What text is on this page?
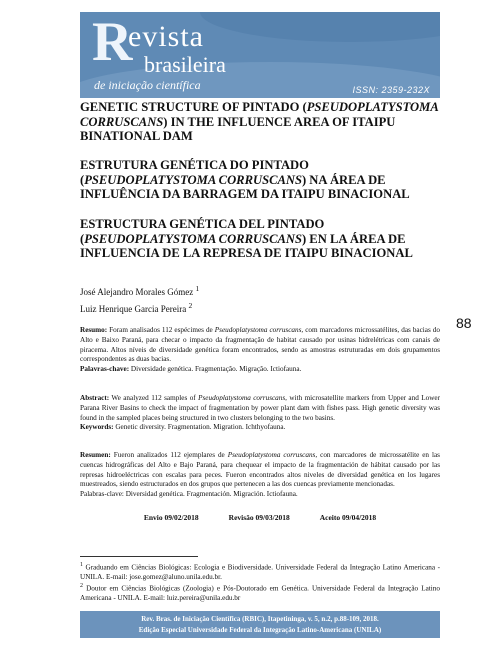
R
evista
brasileira
de iniciação científica	ISSN: 2359-232X
GENETIC STRUCTURE OF PINTADO (PSEUDOPLATYSTOMA CORRUSCANS) IN THE INFLUENCE AREA OF ITAIPU BINATIONAL DAM
ESTRUTURA GENÉTICA DO PINTADO (PSEUDOPLATYSTOMA CORRUSCANS) NA ÁREA DE INFLUÊNCIA DA BARRAGEM DA ITAIPU BINACIONAL
ESTRUCTURA GENÉTICA DEL PINTADO (PSEUDOPLATYSTOMA CORRUSCANS) EN LA ÁREA DE INFLUENCIA DE LA REPRESA DE ITAIPU BINACIONAL
José Alejandro Morales Gómez $^1$
Luiz Henrique Garcia Pereira $^2$
88
Resumo: Foram analisados 112 espécimes de Pseudoplatystoma corruscans, com marcadores microssatélites, das bacias do Alto e Baixo Paraná, para checar o impacto da fragmentação de habitat causado por usinas hidrelétricas com canais de piracema. Altos níveis de diversidade genética foram encontrados, sendo as amostras estruturadas em dois grupamentos correspondentes as duas bacias.
Palavras-chave: Diversidade genética. Fragmentação. Migração. Ictiofauna.
Abstract: We analyzed 112 samples of Pseudoplatystoma corruscans, with microsatellite markers from Upper and Lower Parana River Basins to check the impact of fragmentation by power plant dam with fishes pass. High genetic diversity was found in the sampled places being structured in two clusters belonging to the two basins.
Keywords: Genetic diversity. Fragmentation. Migration. Ichthyofauna.
Resumen: Fueron analizados 112 ejemplares de Pseudoplatystoma corruscans, con marcadores de microssatélite en las cuencas hidrográficas del Alto e Bajo Paraná, para chequear el impacto de la fragmentación de hábitat causado por las represas hidroeléctricas con escalas para peces. Fueron encontrados altos niveles de diversidad genética en los lugares muestreados, siendo estructurados en dos grupos que pertenecen a las dos cuencas previamente mencionadas.
Palabras-clave: Diversidad genética. Fragmentación. Migración. Ictiofauna.
Envio 09/02/2018	Revisão 09/03/2018	Aceito 09/04/2018
$^1$ Graduando em Ciências Biológicas: Ecologia e Biodiversidade. Universidade Federal da Integração Latino Americana - UNILA. E-mail: jose.gomez@aluno.unila.edu.br.
$^2$ Doutor em Ciências Biológicas (Zoologia) e Pós-Doutorado em Genética. Universidade Federal da Integração Latino Americana - UNILA. E-mail: luiz.pereira@unila.edu.br
Rev. Bras. de Iniciação Científica (RBIC), Itapetininga, v. 5, n.2, p.88-109, 2018.
Edição Especial Universidade Federal da Integração Latino-Americana (UNILA)
